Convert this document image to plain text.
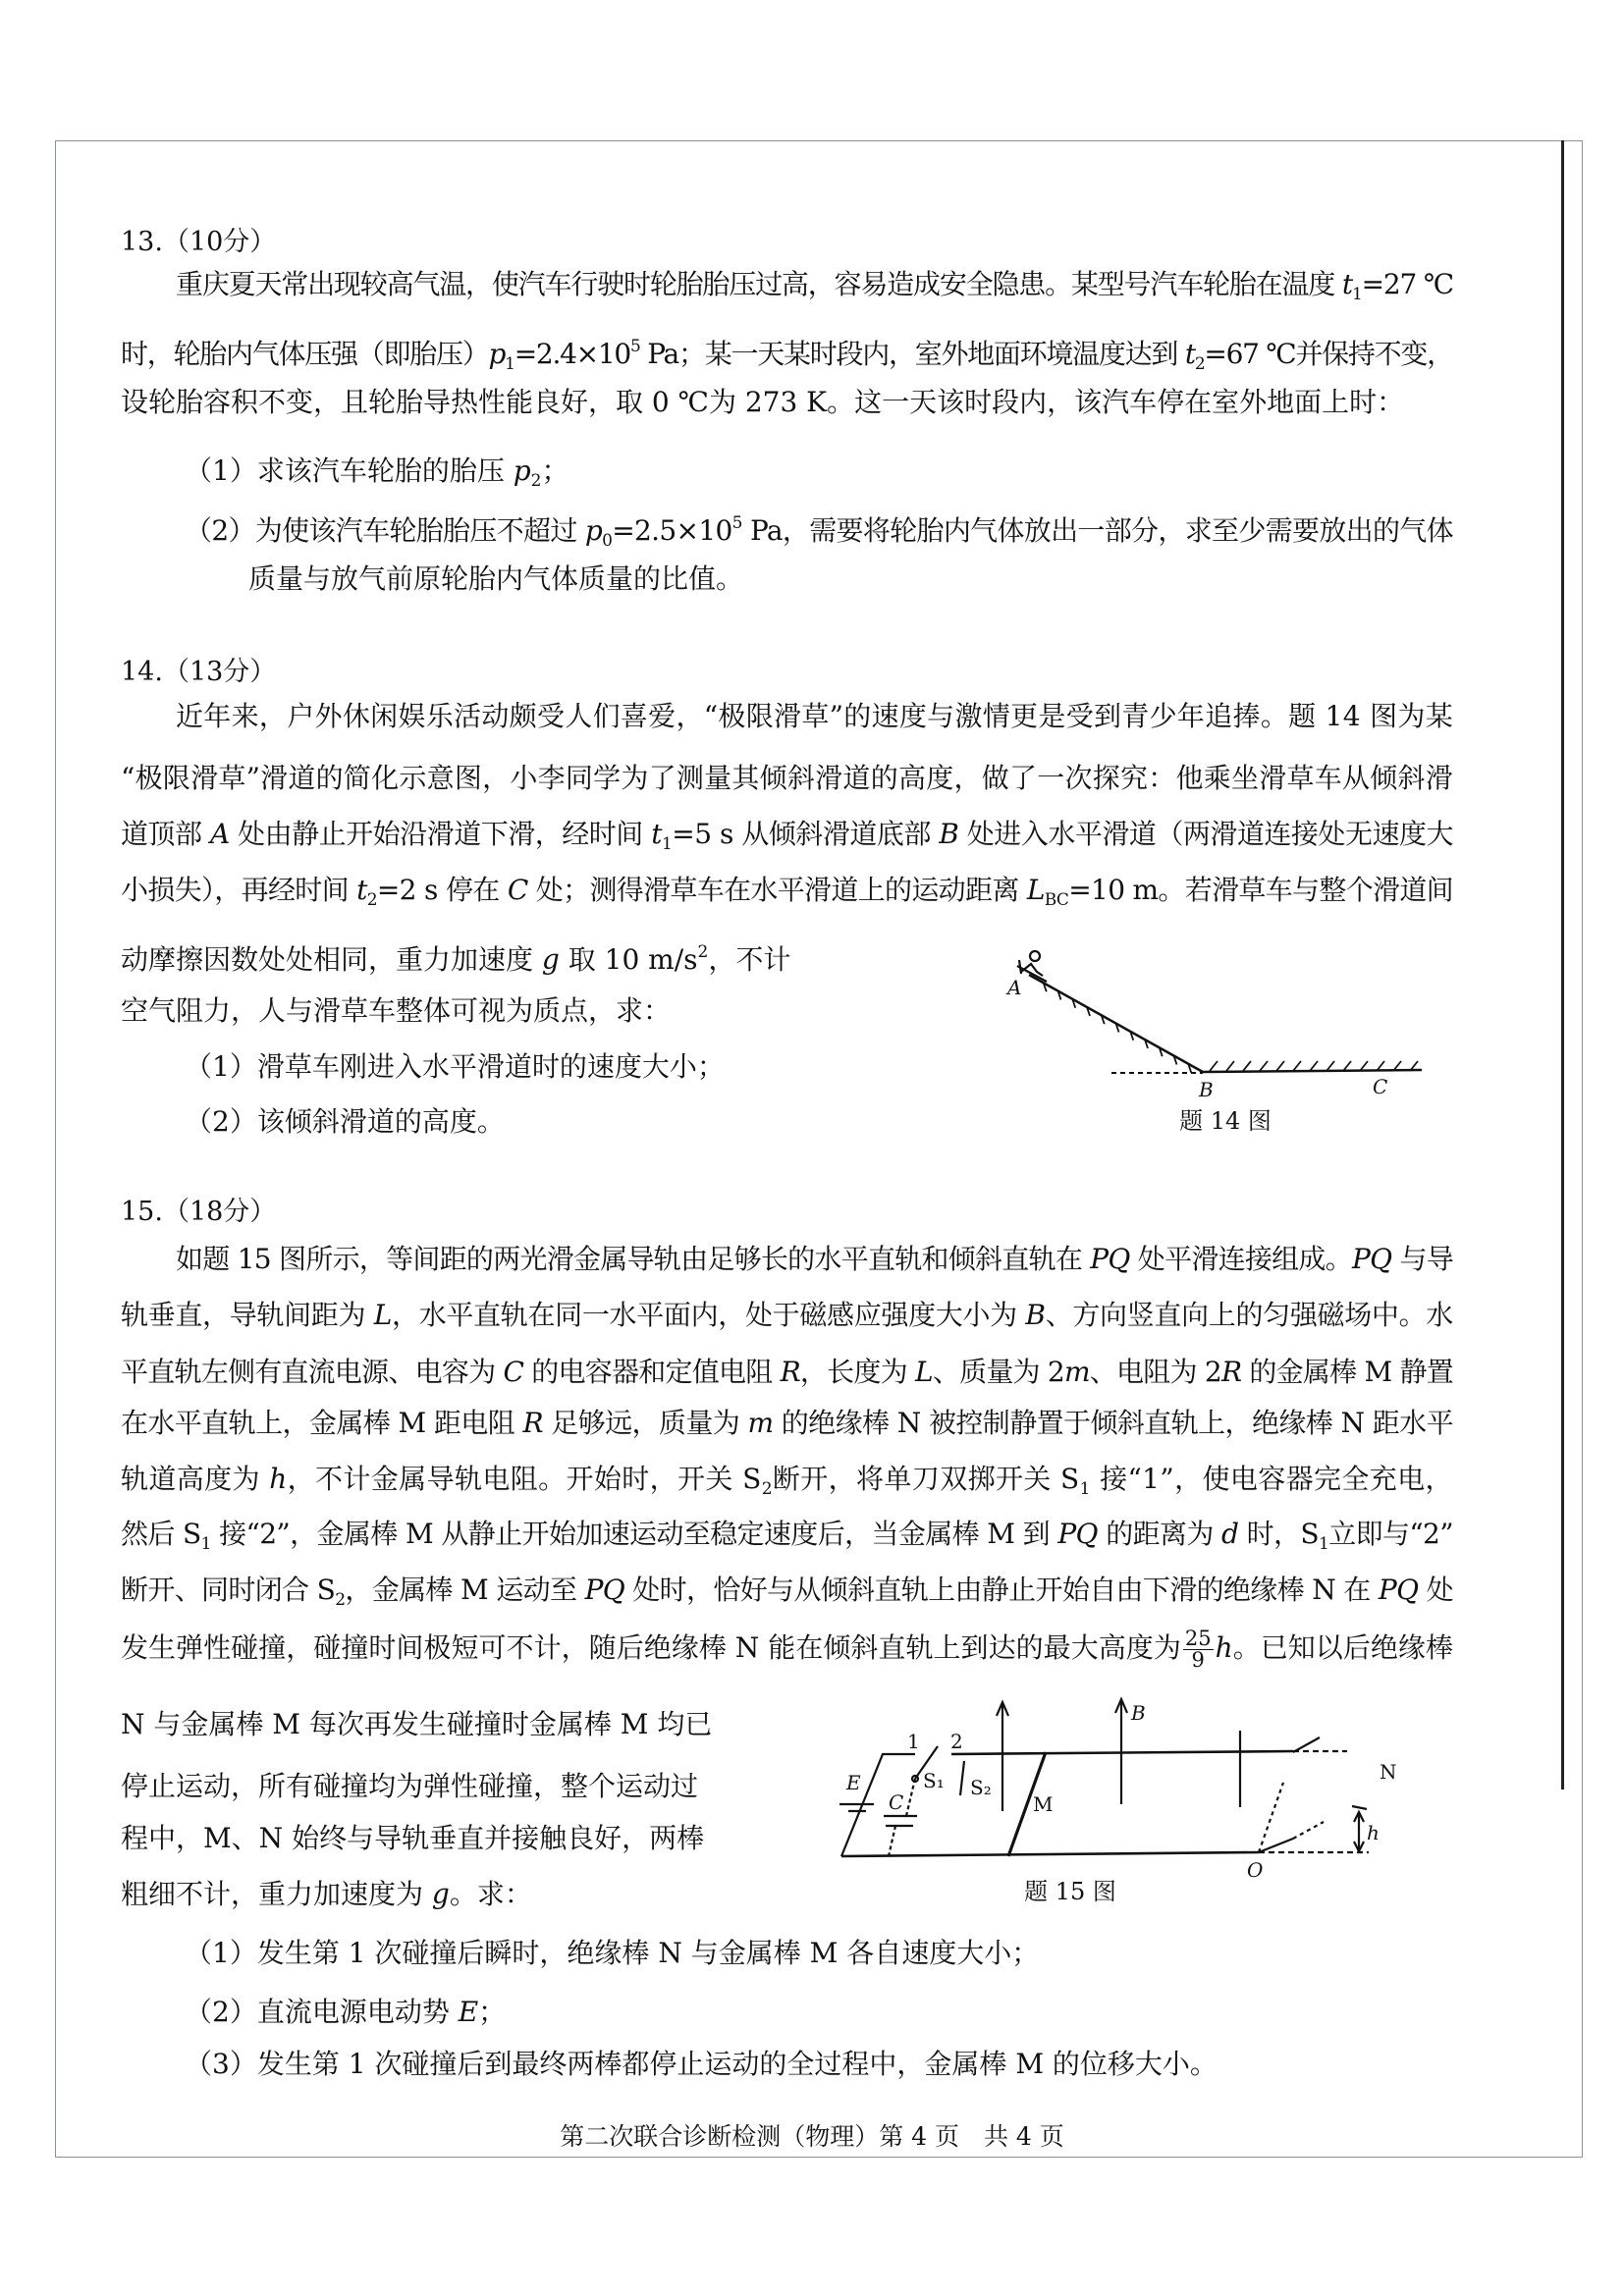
13.（10分）
重庆夏天常出现较高气温，使汽车行驶时轮胎胎压过高，容易造成安全隐患。某型号汽车轮胎在温度 $t_1=27$ ℃
时，轮胎内气体压强（即胎压）$p_1=2.4\times 10^5$ Pa；某一天某时段内，室外地面环境温度达到 $t_2=67$ ℃并保持不变，
设轮胎容积不变，且轮胎导热性能良好，取 0 ℃为 273 K。这一天该时段内，该汽车停在室外地面上时：
（1）求该汽车轮胎的胎压 $p_2$；
（2）为使该汽车轮胎胎压不超过 $p_0=2.5\times 10^5$ Pa，需要将轮胎内气体放出一部分，求至少需要放出的气体
质量与放气前原轮胎内气体质量的比值。
14.（13分）
近年来，户外休闲娱乐活动颇受人们喜爱，“极限滑草”的速度与激情更是受到青少年追捧。题 14 图为某
“极限滑草”滑道的简化示意图，小李同学为了测量其倾斜滑道的高度，做了一次探究：他乘坐滑草车从倾斜滑
道顶部 A 处由静止开始沿滑道下滑，经时间 $t_1=5$ s 从倾斜滑道底部 B 处进入水平滑道（两滑道连接处无速度大
小损失），再经时间 $t_2=2$ s 停在 C 处；测得滑草车在水平滑道上的运动距离 $L_{BC}=10$ m。若滑草车与整个滑道间
动摩擦因数处处相同，重力加速度 g 取 10 $m/s^2$，不计
空气阻力，人与滑草车整体可视为质点，求：
（1）滑草车刚进入水平滑道时的速度大小；
（2）该倾斜滑道的高度。
15.（18分）
如题 15 图所示，等间距的两光滑金属导轨由足够长的水平直轨和倾斜直轨在 PQ 处平滑连接组成。PQ 与导
轨垂直，导轨间距为 L，水平直轨在同一水平面内，处于磁感应强度大小为 B、方向竖直向上的匀强磁场中。水
平直轨左侧有直流电源、电容为 C 的电容器和定值电阻 R，长度为 L、质量为 2m、电阻为 2R 的金属棒 M 静置
在水平直轨上，金属棒 M 距电阻 R 足够远，质量为 m 的绝缘棒 N 被控制静置于倾斜直轨上，绝缘棒 N 距水平
轨道高度为 h，不计金属导轨电阻。开始时，开关 $S_2$断开，将单刀双掷开关 $S_1$ 接“1”，使电容器完全充电，
然后 $S_1$ 接“2”，金属棒 M 从静止开始加速运动至稳定速度后，当金属棒 M 到 PQ 的距离为 d 时，$S_1$立即与“2”
断开、同时闭合 $S_2$，金属棒 M 运动至 PQ 处时，恰好与从倾斜直轨上由静止开始自由下滑的绝缘棒 N 在 PQ 处
发生弹性碰撞，碰撞时间极短可不计，随后绝缘棒 N 能在倾斜直轨上到达的最大高度为 $\frac{25}{9}$ h。已知以后绝缘棒
N 与金属棒 M 每次再发生碰撞时金属棒 M 均已
停止运动，所有碰撞均为弹性碰撞，整个运动过
程中，M、N 始终与导轨垂直并接触良好，两棒
粗细不计，重力加速度为 g。求：
（1）发生第 1 次碰撞后瞬时，绝缘棒 N 与金属棒 M 各自速度大小；
（2）直流电源电动势 E；
（3）发生第 1 次碰撞后到最终两棒都停止运动的全过程中，金属棒 M 的位移大小。
A
B	C
题 14 图
1 2
E
C
S₁ S₂
M
B
N
h
O
题 15 图
第二次联合诊断检测（物理）第 4 页　共 4 页
